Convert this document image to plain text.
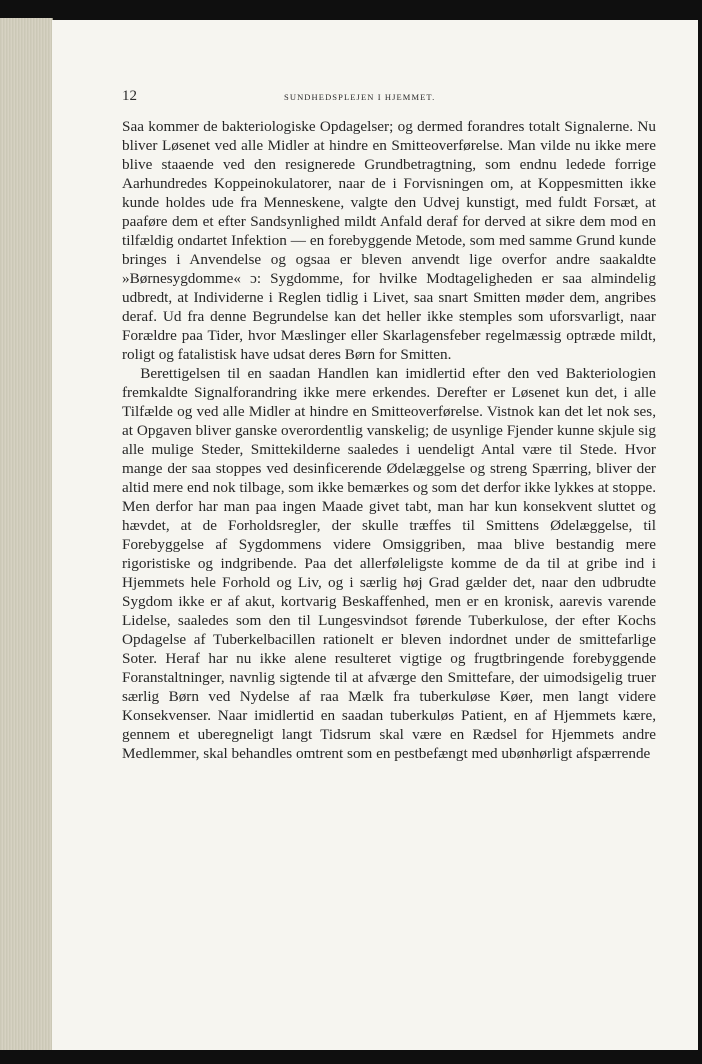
12	SUNDHEDSPLEJEN I HJEMMET.

Saa kommer de bakteriologiske Opdagelser; og dermed forandres totalt Signalerne. Nu bliver Løsenet ved alle Midler at hindre en Smitteoverførelse. Man vilde nu ikke mere blive staaende ved den resignerede Grundbetragtning, som endnu ledede forrige Aarhundredes Koppeinokulatorer, naar de i Forvisningen om, at Koppesmitten ikke kunde holdes ude fra Menneskene, valgte den Udvej kunstigt, med fuldt Forsæt, at paaføre dem et efter Sandsynlighed mildt Anfald deraf for derved at sikre dem mod en tilfældig ondartet Infektion — en forebyggende Metode, som med samme Grund kunde bringes i Anvendelse og ogsaa er bleven anvendt lige overfor andre saakaldte »Børnesygdomme« ɔ: Sygdomme, for hvilke Modtageligheden er saa almindelig udbredt, at Individerne i Reglen tidlig i Livet, saa snart Smitten møder dem, angribes deraf. Ud fra denne Begrundelse kan det heller ikke stemples som uforsvarligt, naar Forældre paa Tider, hvor Mæslinger eller Skarlagensfeber regelmæssig optræde mildt, roligt og fatalistisk have udsat deres Børn for Smitten.

Berettigelsen til en saadan Handlen kan imidlertid efter den ved Bakteriologien fremkaldte Signalforandring ikke mere erkendes. Derefter er Løsenet kun det, i alle Tilfælde og ved alle Midler at hindre en Smitteoverførelse. Vistnok kan det let nok ses, at Opgaven bliver ganske overordentlig vanskelig; de usynlige Fjender kunne skjule sig alle mulige Steder, Smittekilderne saaledes i uendeligt Antal være til Stede. Hvor mange der saa stoppes ved desinficerende Ødelæggelse og streng Spærring, bliver der altid mere end nok tilbage, som ikke bemærkes og som det derfor ikke lykkes at stoppe. Men derfor har man paa ingen Maade givet tabt, man har kun konsekvent sluttet og hævdet, at de Forholdsregler, der skulle træffes til Smittens Ødelæggelse, til Forebyggelse af Sygdommens videre Omsiggriben, maa blive bestandig mere rigoristiske og indgribende. Paa det allerføleligste komme de da til at gribe ind i Hjemmets hele Forhold og Liv, og i særlig høj Grad gælder det, naar den udbrudte Sygdom ikke er af akut, kortvarig Beskaffenhed, men er en kronisk, aarevis varende Lidelse, saaledes som den til Lungesvindsot førende Tuberkulose, der efter Kochs Opdagelse af Tuberkelbacillen rationelt er bleven indordnet under de smittefarlige Soter. Heraf har nu ikke alene resulteret vigtige og frugtbringende forebyggende Foranstaltninger, navnlig sigtende til at afværge den Smittefare, der uimodsigelig truer særlig Børn ved Nydelse af raa Mælk fra tuberkuløse Køer, men langt videre Konsekvenser. Naar imidlertid en saadan tuberkuløs Patient, en af Hjemmets kære, gennem et uberegneligt langt Tidsrum skal være en Rædsel for Hjemmets andre Medlemmer, skal behandles omtrent som en pestbefængt med ubønhørligt afspærrende
